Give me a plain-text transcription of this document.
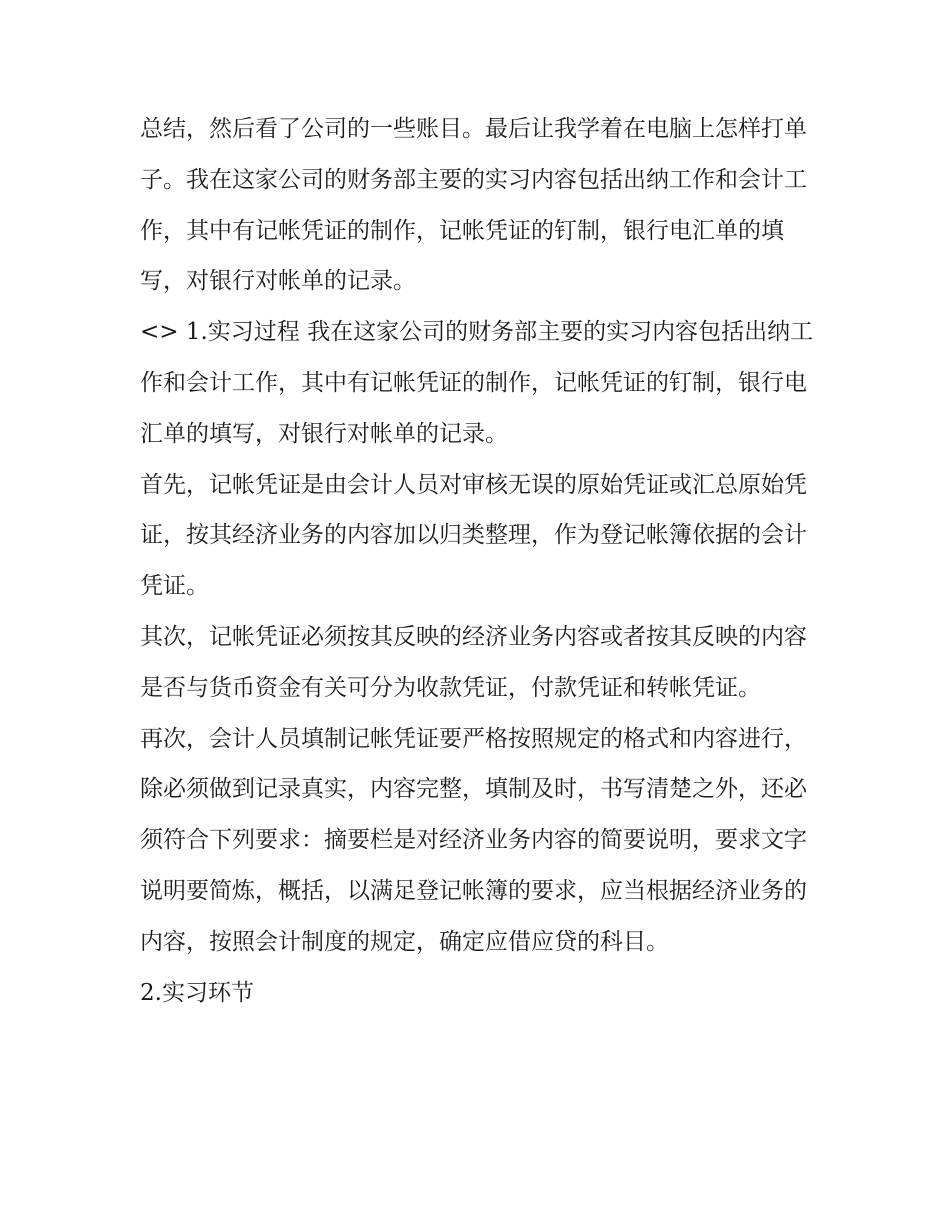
总结，然后看了公司的一些账目。最后让我学着在电脑上怎样打单子。我在这家公司的财务部主要的实习内容包括出纳工作和会计工作，其中有记帐凭证的制作，记帐凭证的钉制，银行电汇单的填写，对银行对帐单的记录。

<> 1.实习过程 我在这家公司的财务部主要的实习内容包括出纳工作和会计工作，其中有记帐凭证的制作，记帐凭证的钉制，银行电汇单的填写，对银行对帐单的记录。

首先，记帐凭证是由会计人员对审核无误的原始凭证或汇总原始凭证，按其经济业务的内容加以归类整理，作为登记帐簿依据的会计凭证。

其次，记帐凭证必须按其反映的经济业务内容或者按其反映的内容是否与货币资金有关可分为收款凭证，付款凭证和转帐凭证。

再次，会计人员填制记帐凭证要严格按照规定的格式和内容进行，除必须做到记录真实，内容完整，填制及时，书写清楚之外，还必须符合下列要求：摘要栏是对经济业务内容的简要说明，要求文字说明要简炼，概括，以满足登记帐簿的要求，应当根据经济业务的内容，按照会计制度的规定，确定应借应贷的科目。

2.实习环节
